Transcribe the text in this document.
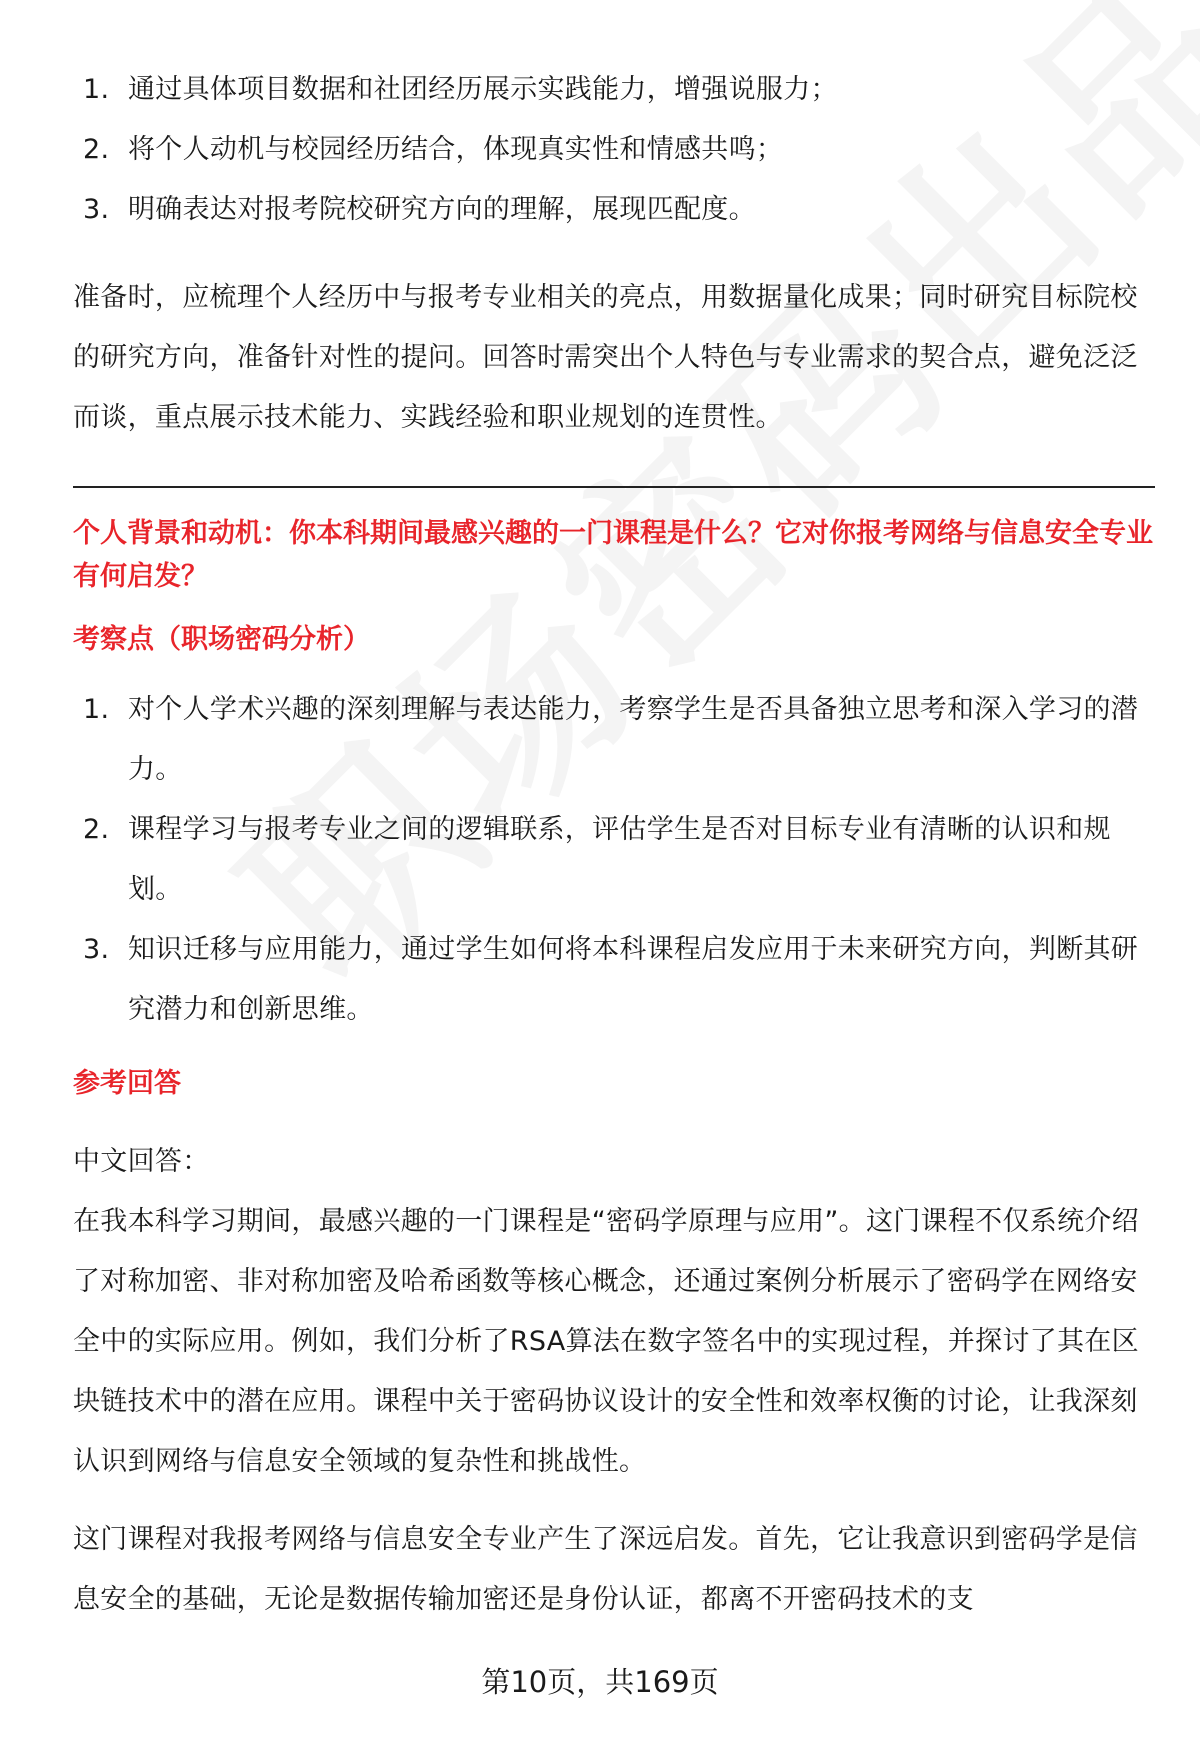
1. 通过具体项目数据和社团经历展示实践能力，增强说服力；
2. 将个人动机与校园经历结合，体现真实性和情感共鸣；
3. 明确表达对报考院校研究方向的理解，展现匹配度。

准备时，应梳理个人经历中与报考专业相关的亮点，用数据量化成果；同时研究目标院校的研究方向，准备针对性的提问。回答时需突出个人特色与专业需求的契合点，避免泛泛而谈，重点展示技术能力、实践经验和职业规划的连贯性。

个人背景和动机：你本科期间最感兴趣的一门课程是什么？它对你报考网络与信息安全专业有何启发？

考察点（职场密码分析）

1. 对个人学术兴趣的深刻理解与表达能力，考察学生是否具备独立思考和深入学习的潜力。
2. 课程学习与报考专业之间的逻辑联系，评估学生是否对目标专业有清晰的认识和规划。
3. 知识迁移与应用能力，通过学生如何将本科课程启发应用于未来研究方向，判断其研究潜力和创新思维。

参考回答

中文回答：

在我本科学习期间，最感兴趣的一门课程是“密码学原理与应用”。这门课程不仅系统介绍了对称加密、非对称加密及哈希函数等核心概念，还通过案例分析展示了密码学在网络安全中的实际应用。例如，我们分析了RSA算法在数字签名中的实现过程，并探讨了其在区块链技术中的潜在应用。课程中关于密码协议设计的安全性和效率权衡的讨论，让我深刻认识到网络与信息安全领域的复杂性和挑战性。

这门课程对我报考网络与信息安全专业产生了深远启发。首先，它让我意识到密码学是信息安全的基础，无论是数据传输加密还是身份认证，都离不开密码技术的支

第10页，共169页
